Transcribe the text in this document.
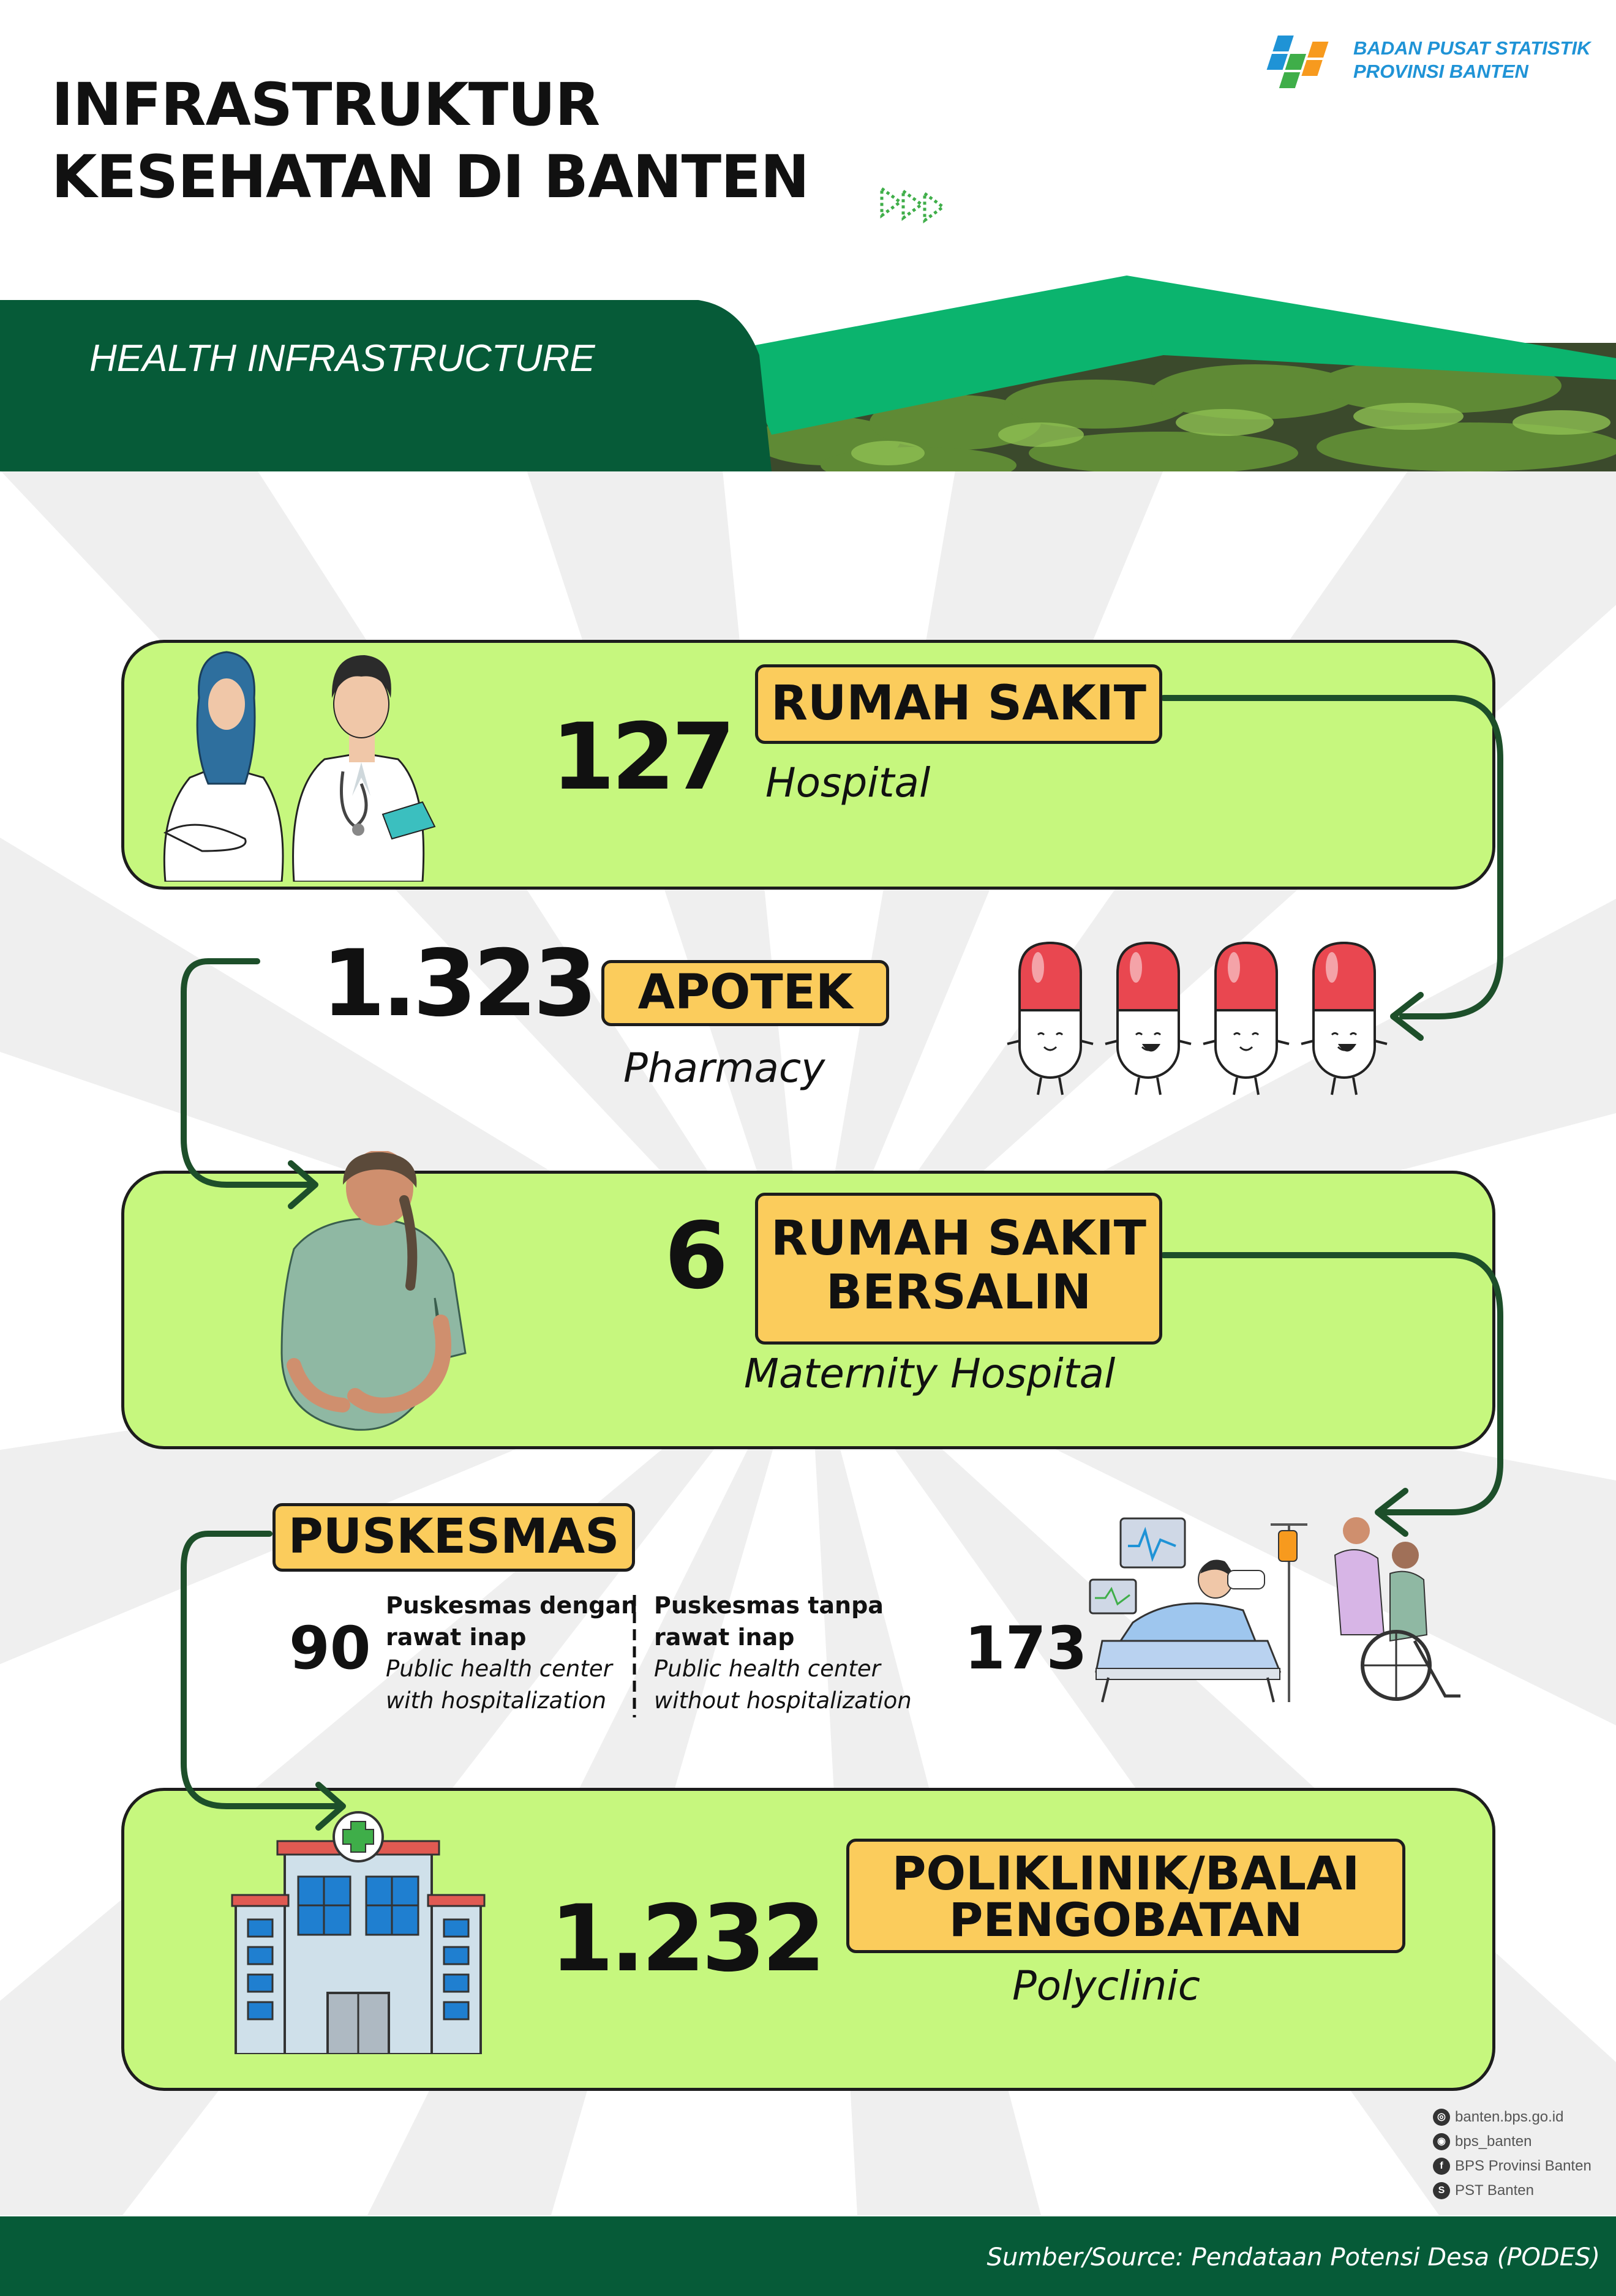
INFRASTRUKTUR
KESEHATAN DI BANTEN
BADAN PUSAT STATISTIK
PROVINSI BANTEN
HEALTH INFRASTRUCTURE
127
RUMAH SAKIT
Hospital
1.323 APOTEK
Pharmacy
6 RUMAH SAKIT
BERSALIN
Maternity Hospital
PUSKESMAS
90
Puskesmas dengan
rawat inap
Public health center
with hospitalization
Puskesmas tanpa
rawat inap
Public health center
without hospitalization
173
1.232
POLIKLINIK/BALAI
PENGOBATAN
Polyclinic
◎ banten.bps.go.id
◉ bps_banten
f BPS Provinsi Banten
S PST Banten
Sumber/Source: Pendataan Potensi Desa (PODES)
